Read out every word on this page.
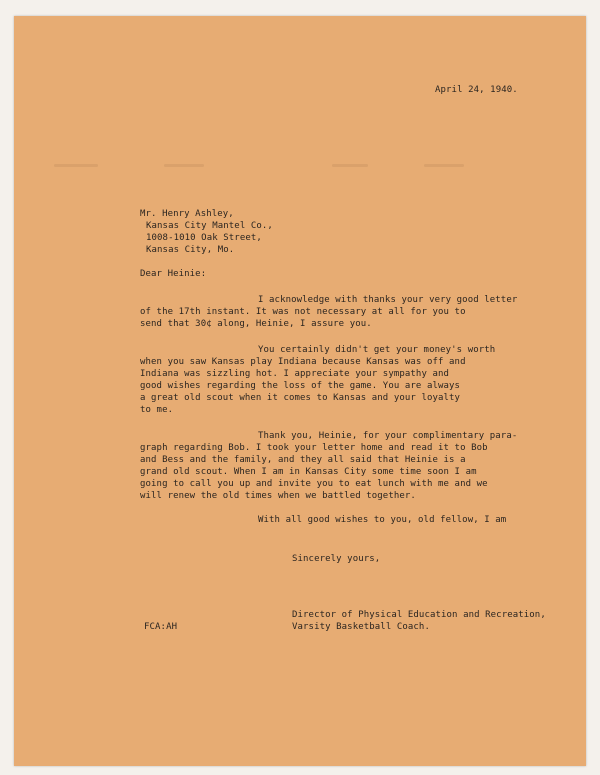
April 24, 1940.
Mr. Henry Ashley,
Kansas City Mantel Co.,
1008-1010 Oak Street,
Kansas City, Mo.
Dear Heinie:
I acknowledge with thanks your very good letter
of the 17th instant. It was not necessary at all for you to
send that 30¢ along, Heinie, I assure you.
You certainly didn't get your money's worth
when you saw Kansas play Indiana because Kansas was off and
Indiana was sizzling hot. I appreciate your sympathy and
good wishes regarding the loss of the game. You are always
a great old scout when it comes to Kansas and your loyalty
to me.
Thank you, Heinie, for your complimentary para-
graph regarding Bob. I took your letter home and read it to Bob
and Bess and the family, and they all said that Heinie is a
grand old scout. When I am in Kansas City some time soon I am
going to call you up and invite you to eat lunch with me and we
will renew the old times when we battled together.
With all good wishes to you, old fellow, I am
Sincerely yours,
Director of Physical Education and Recreation,
Varsity Basketball Coach.
FCA:AH
